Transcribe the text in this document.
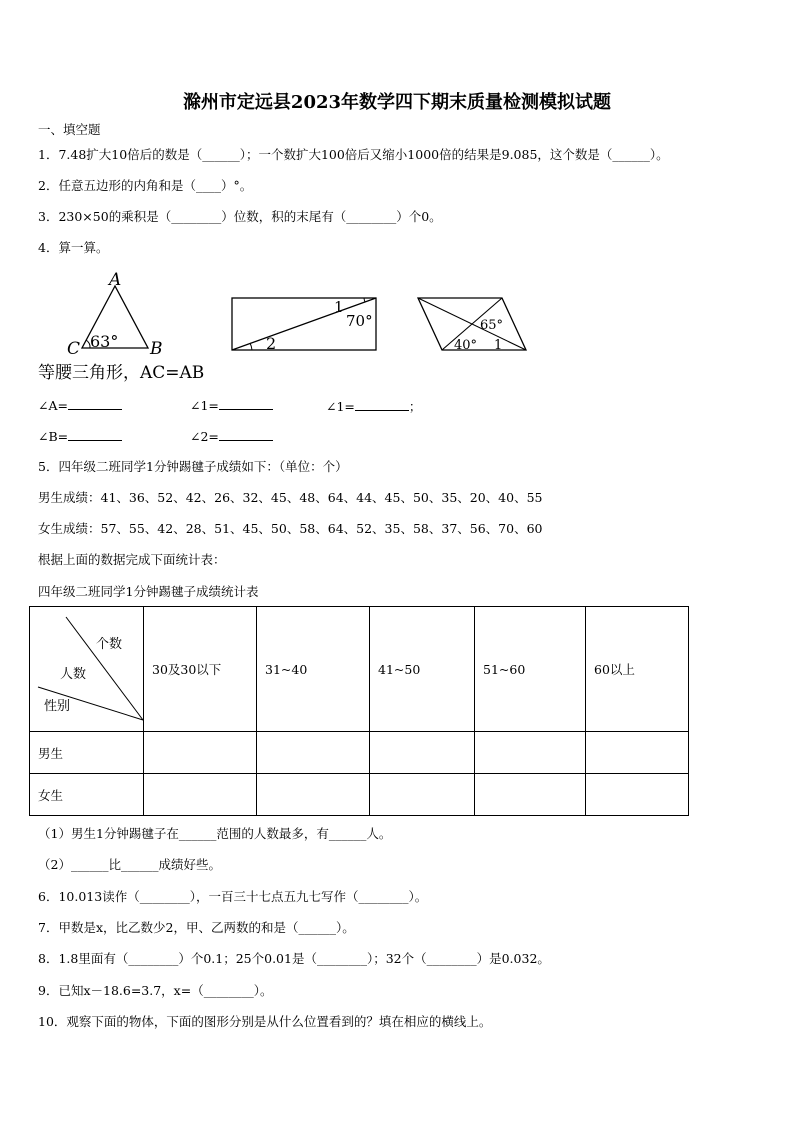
滁州市定远县2023年数学四下期末质量检测模拟试题
一、填空题
1．7.48扩大10倍后的数是（______）；一个数扩大100倍后又缩小1000倍的结果是9.085，这个数是（______）。
2．任意五边形的内角和是（____）°。
3．230×50的乘积是（________）位数，积的末尾有（________）个0。
4．算一算。
A
C	B
63°
1
70°
2
65°
40° 1
等腰三角形，AC=AB
∠A=	∠1=	∠1=	；
∠B=	∠2=
5．四年级二班同学1分钟踢毽子成绩如下：（单位：个）
男生成绩：41、36、52、42、26、32、45、48、64、44、45、50、35、20、40、55
女生成绩：57、55、42、28、51、45、50、58、64、52、35、58、37、56、70、60
根据上面的数据完成下面统计表：
四年级二班同学1分钟踢毽子成绩统计表
个数
人数
性别	30及30以下	31~40	41~50	51~60	60以上
男生					
女生					
（1）男生1分钟踢毽子在______范围的人数最多，有______人。
（2）______比______成绩好些。
6．10.013读作（________），一百三十七点五九七写作（________）。
7．甲数是x，比乙数少2，甲、乙两数的和是（______）。
8．1.8里面有（________）个0.1；25个0.01是（________）；32个（________）是0.032。
9．已知x－18.6=3.7，x=（________）。
10．观察下面的物体，下面的图形分别是从什么位置看到的？填在相应的横线上。
